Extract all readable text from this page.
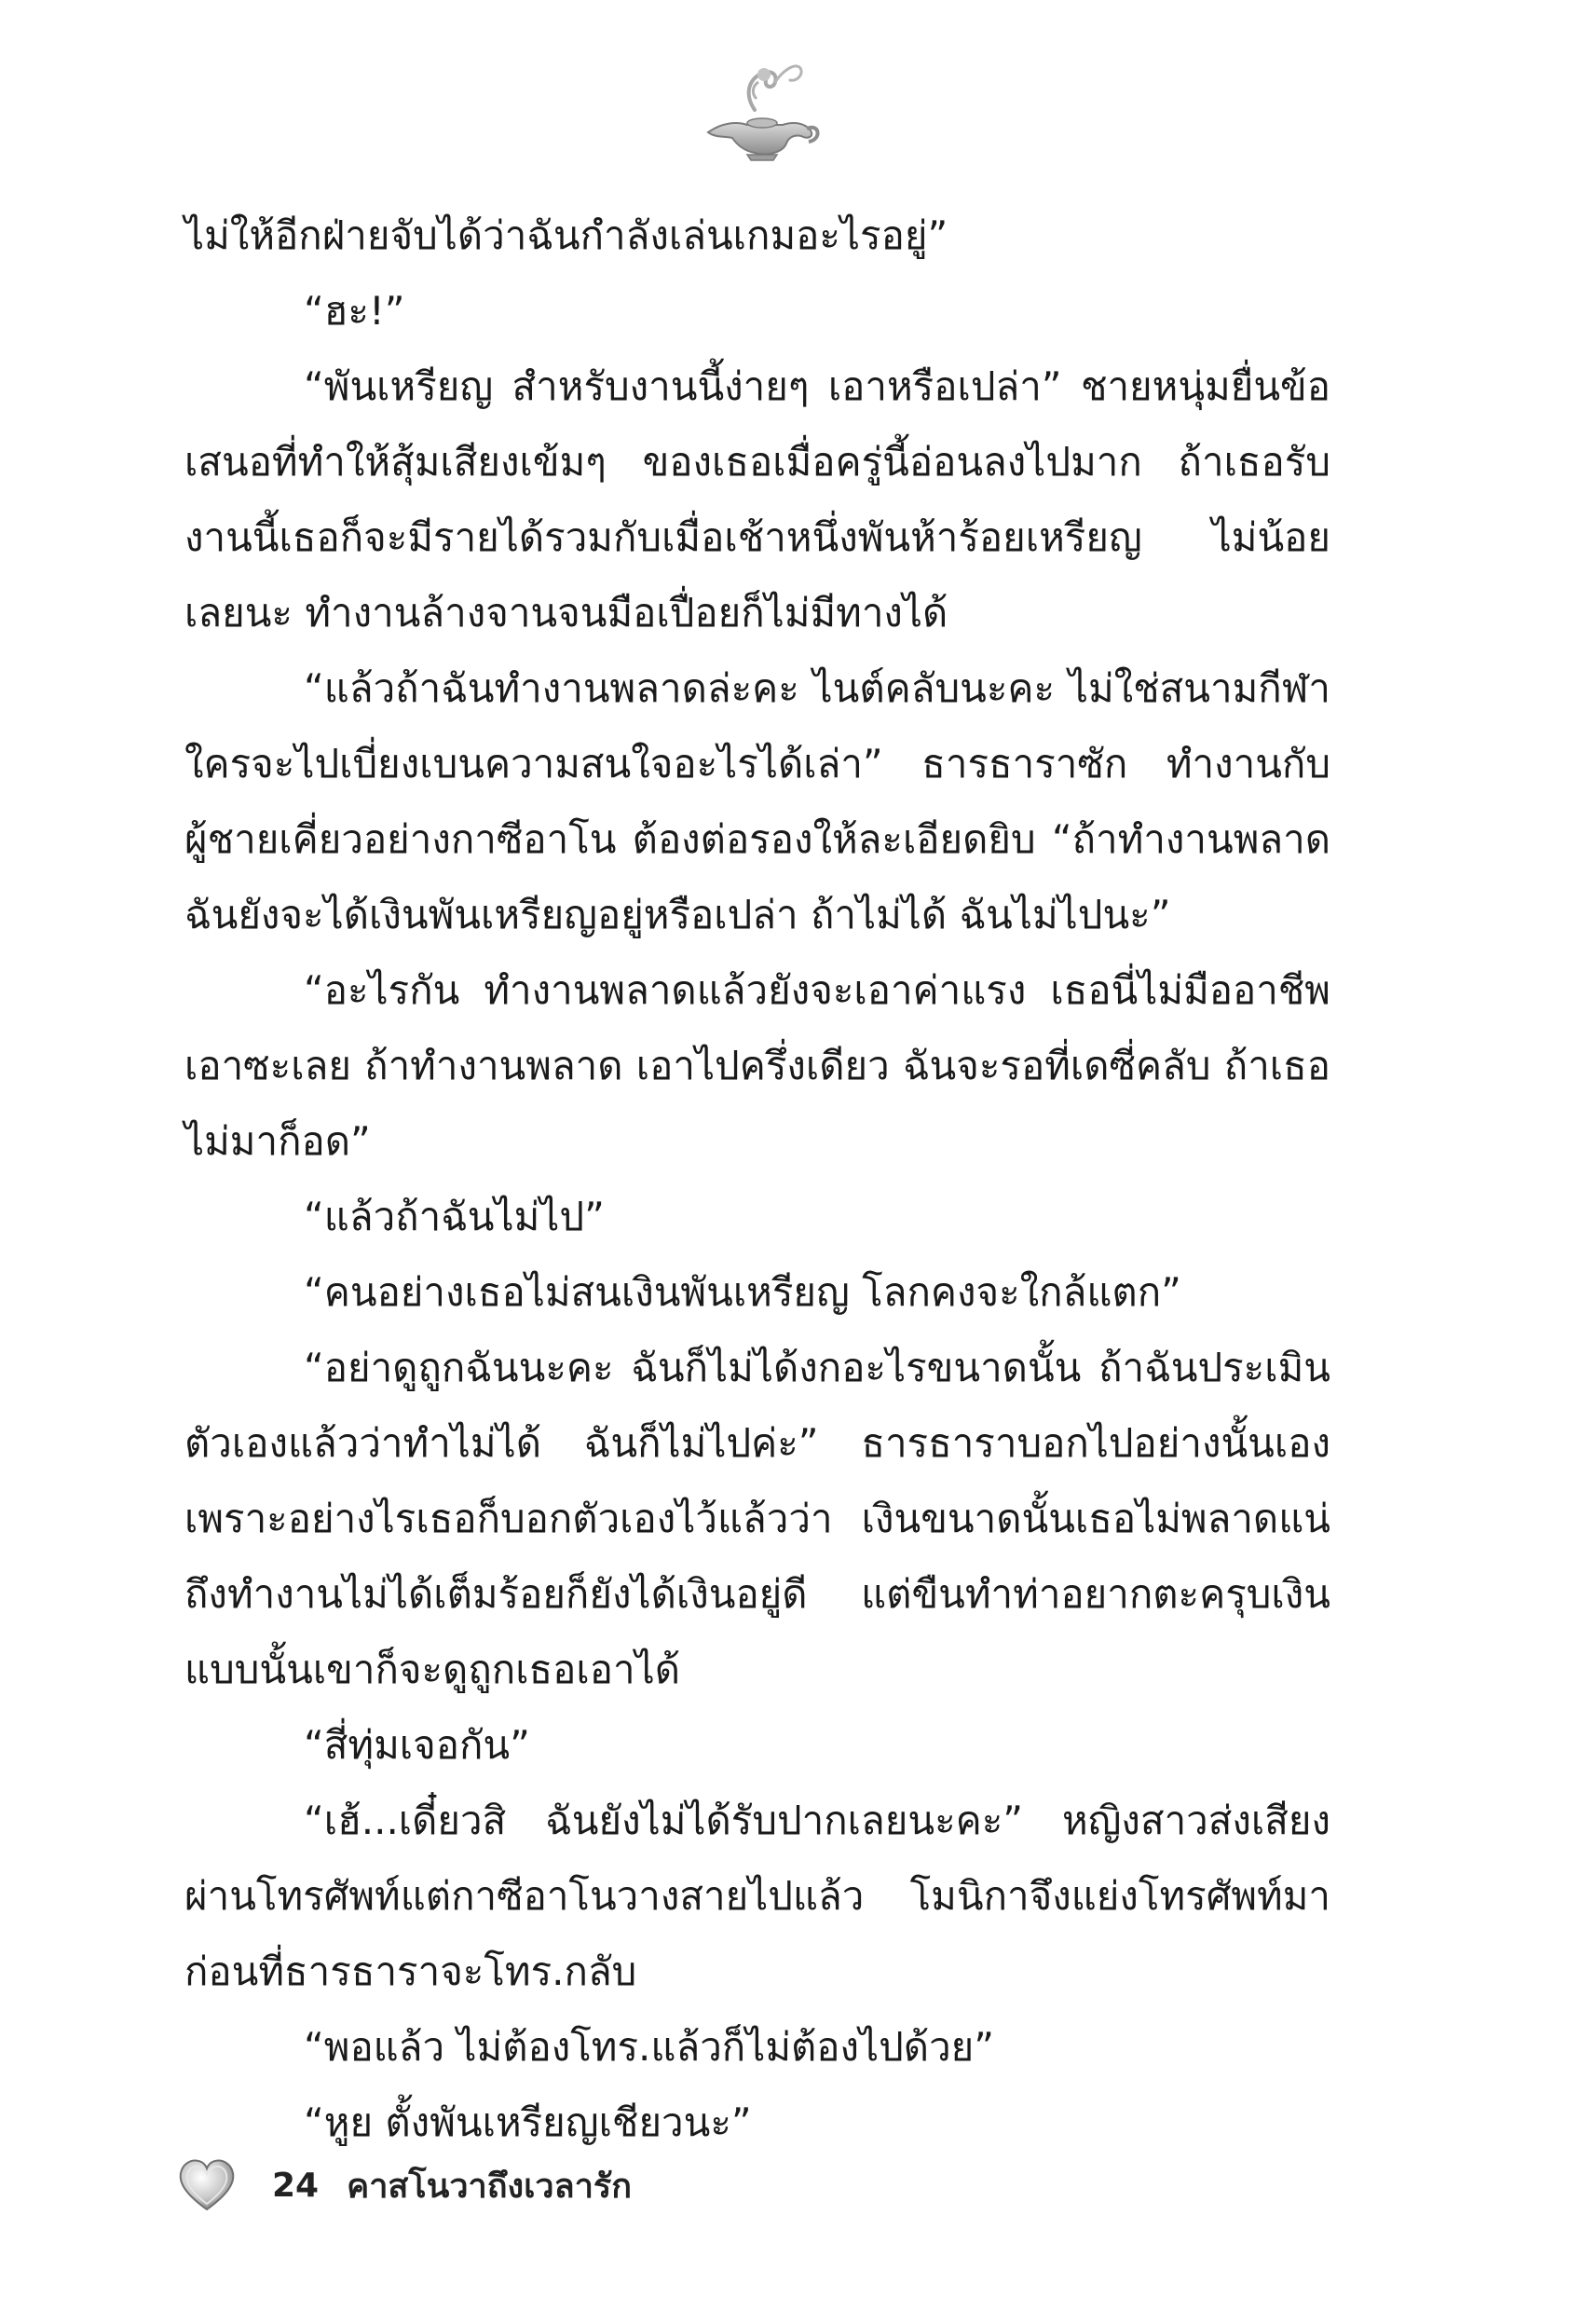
ไม่ให้อีกฝ่ายจับได้ว่าฉันกำลังเล่นเกมอะไรอยู่”

“ฮะ!”

“พันเหรียญ สำหรับงานนี้ง่ายๆ เอาหรือเปล่า” ชายหนุ่มยื่นข้อเสนอที่ทำให้สุ้มเสียงเข้มๆ ของเธอเมื่อครู่นี้อ่อนลงไปมาก ถ้าเธอรับงานนี้เธอก็จะมีรายได้รวมกับเมื่อเช้าหนึ่งพันห้าร้อยเหรียญ ไม่น้อยเลยนะ ทำงานล้างจานจนมือเปื่อยก็ไม่มีทางได้

“แล้วถ้าฉันทำงานพลาดล่ะคะ ไนต์คลับนะคะ ไม่ใช่สนามกีฬาใครจะไปเบี่ยงเบนความสนใจอะไรได้เล่า” ธารธาราซัก ทำงานกับผู้ชายเคี่ยวอย่างกาซีอาโน ต้องต่อรองให้ละเอียดยิบ “ถ้าทำงานพลาดฉันยังจะได้เงินพันเหรียญอยู่หรือเปล่า ถ้าไม่ได้ ฉันไม่ไปนะ”

“อะไรกัน ทำงานพลาดแล้วยังจะเอาค่าแรง เธอนี่ไม่มืออาชีพเอาซะเลย ถ้าทำงานพลาด เอาไปครึ่งเดียว ฉันจะรอที่เดซี่คลับ ถ้าเธอไม่มาก็อด”

“แล้วถ้าฉันไม่ไป”

“คนอย่างเธอไม่สนเงินพันเหรียญ โลกคงจะใกล้แตก”

“อย่าดูถูกฉันนะคะ ฉันก็ไม่ได้งกอะไรขนาดนั้น ถ้าฉันประเมินตัวเองแล้วว่าทำไม่ได้ ฉันก็ไม่ไปค่ะ” ธารธาราบอกไปอย่างนั้นเอง เพราะอย่างไรเธอก็บอกตัวเองไว้แล้วว่า เงินขนาดนั้นเธอไม่พลาดแน่ ถึงทำงานไม่ได้เต็มร้อยก็ยังได้เงินอยู่ดี แต่ขืนทำท่าอยากตะครุบเงินแบบนั้นเขาก็จะดูถูกเธอเอาได้

“สี่ทุ่มเจอกัน”

“เฮ้...เดี๋ยวสิ ฉันยังไม่ได้รับปากเลยนะคะ” หญิงสาวส่งเสียงผ่านโทรศัพท์แต่กาซีอาโนวางสายไปแล้ว โมนิกาจึงแย่งโทรศัพท์มาก่อนที่ธารธาราจะโทร.กลับ

“พอแล้ว ไม่ต้องโทร.แล้วก็ไม่ต้องไปด้วย”

“หูย ตั้งพันเหรียญเชียวนะ”

24 คาสโนวาถึงเวลารัก
